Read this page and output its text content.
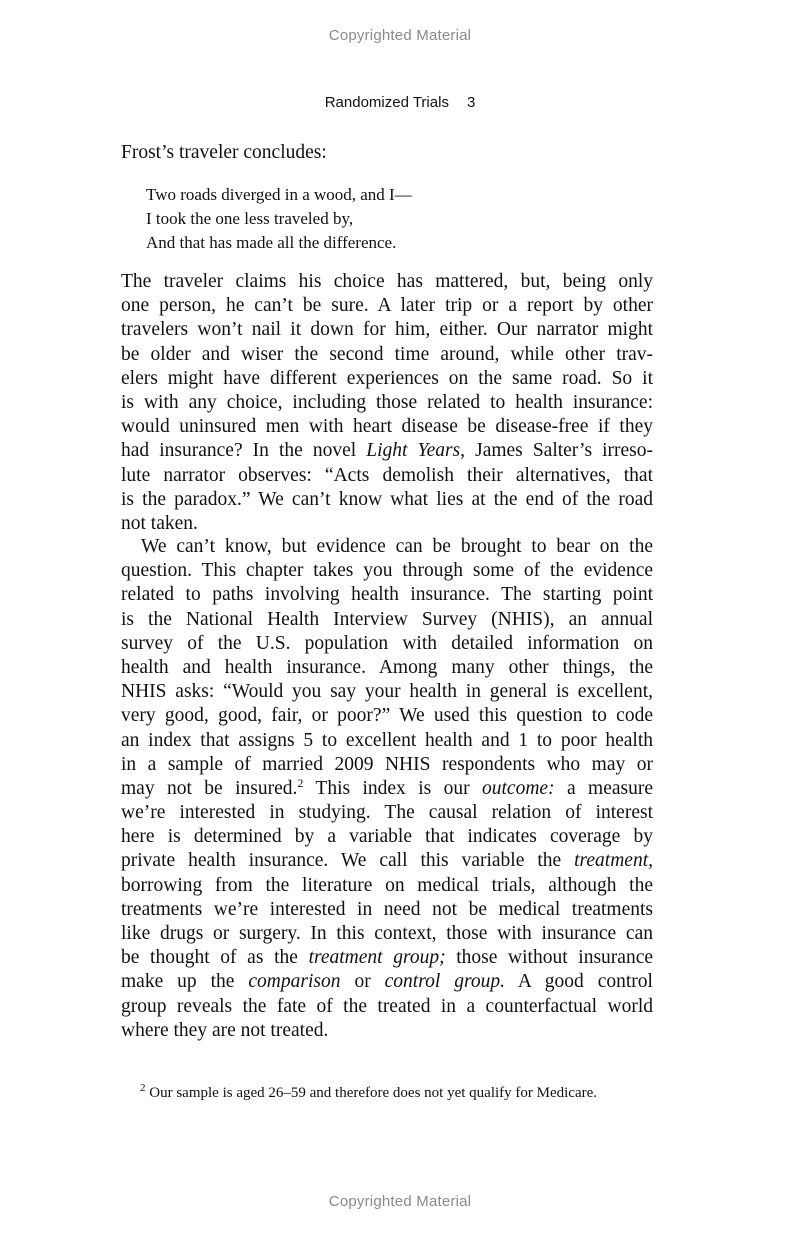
Copyrighted Material
Randomized Trials 3
Frost’s traveler concludes:
Two roads diverged in a wood, and I—
I took the one less traveled by,
And that has made all the difference.
The traveler claims his choice has mattered, but, being only
one person, he can’t be sure. A later trip or a report by other
travelers won’t nail it down for him, either. Our narrator might
be older and wiser the second time around, while other trav-
elers might have different experiences on the same road. So it
is with any choice, including those related to health insurance:
would uninsured men with heart disease be disease-free if they
had insurance? In the novel Light Years, James Salter’s irreso-
lute narrator observes: “Acts demolish their alternatives, that
is the paradox.” We can’t know what lies at the end of the road
not taken.
We can’t know, but evidence can be brought to bear on the
question. This chapter takes you through some of the evidence
related to paths involving health insurance. The starting point
is the National Health Interview Survey (NHIS), an annual
survey of the U.S. population with detailed information on
health and health insurance. Among many other things, the
NHIS asks: “Would you say your health in general is excellent,
very good, good, fair, or poor?” We used this question to code
an index that assigns 5 to excellent health and 1 to poor health
in a sample of married 2009 NHIS respondents who may or
may not be insured.$^2$ This index is our outcome: a measure
we’re interested in studying. The causal relation of interest
here is determined by a variable that indicates coverage by
private health insurance. We call this variable the treatment,
borrowing from the literature on medical trials, although the
treatments we’re interested in need not be medical treatments
like drugs or surgery. In this context, those with insurance can
be thought of as the treatment group; those without insurance
make up the comparison or control group. A good control
group reveals the fate of the treated in a counterfactual world
where they are not treated.
$^2$ Our sample is aged 26–59 and therefore does not yet qualify for Medicare.
Copyrighted Material
